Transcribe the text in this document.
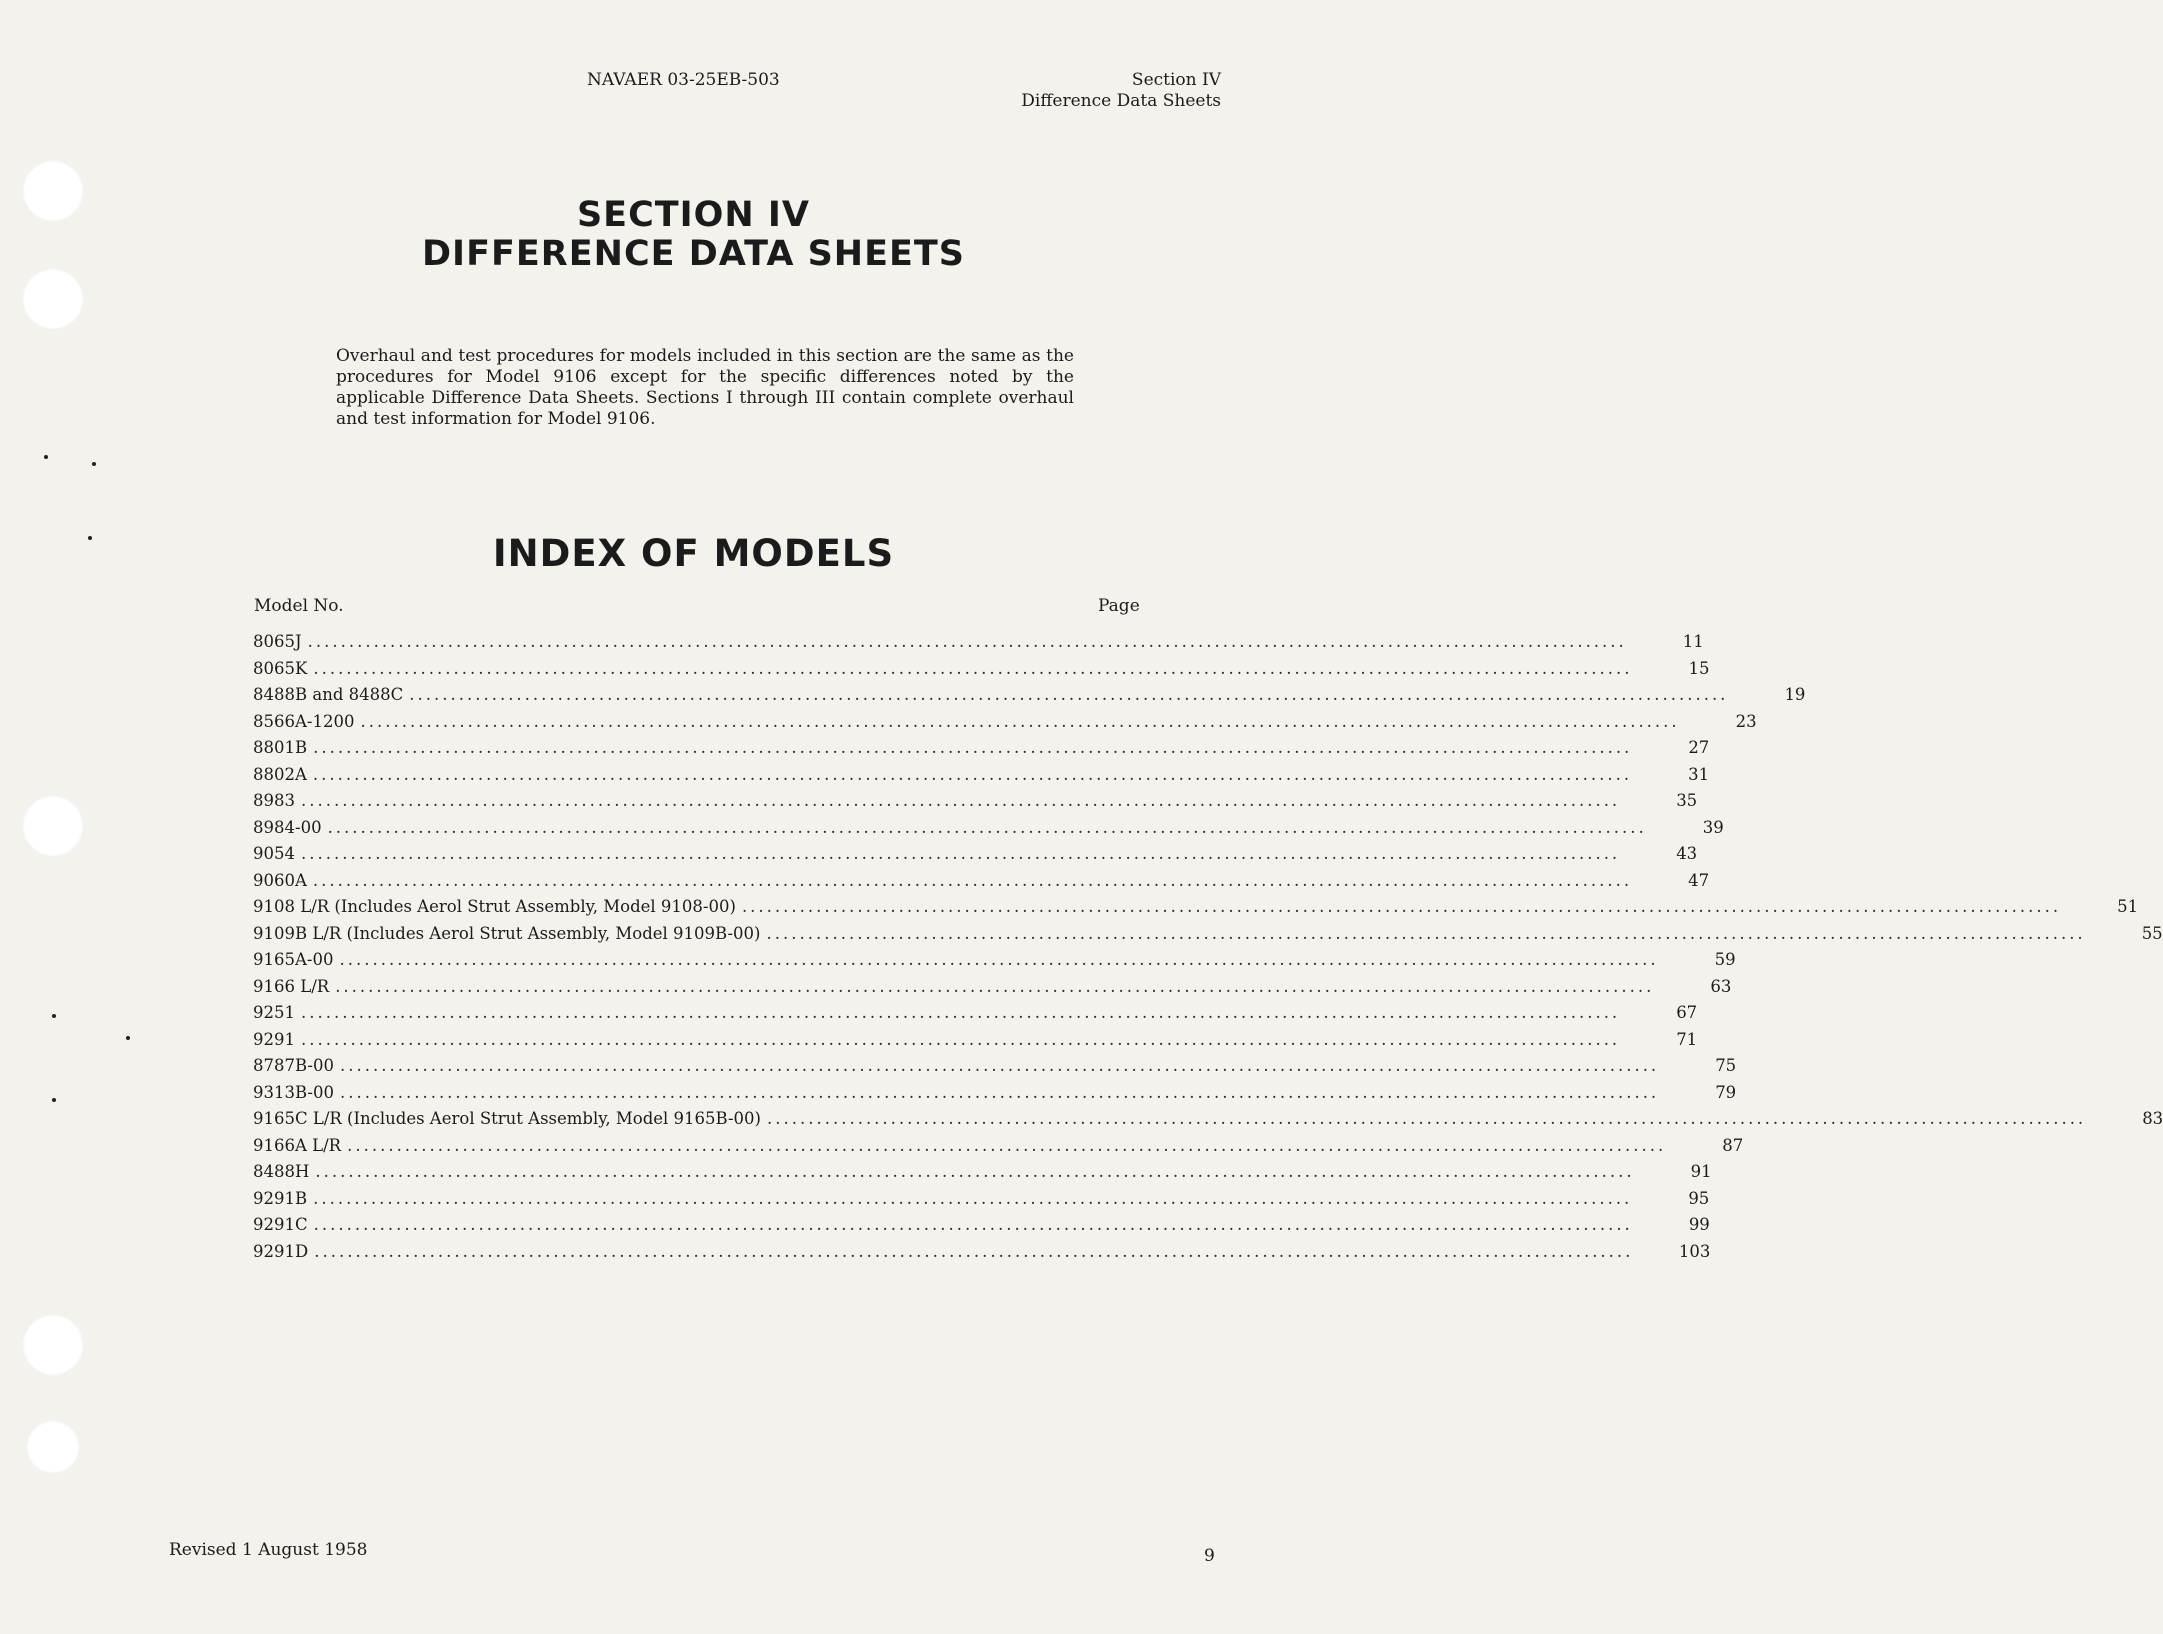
NAVAER 03-25EB-503	Section IV
Difference Data Sheets
SECTION IV
DIFFERENCE DATA SHEETS

Overhaul and test procedures for models included in this section are the same as the procedures for Model 9106 except for the specific differences noted by the applicable Difference Data Sheets. Sections I through III contain complete overhaul and test information for Model 9106.

INDEX OF MODELS
Model No.	Page
8065J ................................................................................................................................................................	11
8065K ................................................................................................................................................................	15
8488B and 8488C ................................................................................................................................................................	19
8566A-1200 ................................................................................................................................................................	23
8801B ................................................................................................................................................................	27
8802A ................................................................................................................................................................	31
8983 ................................................................................................................................................................	35
8984-00 ................................................................................................................................................................	39
9054 ................................................................................................................................................................	43
9060A ................................................................................................................................................................	47
9108 L/R (Includes Aerol Strut Assembly, Model 9108-00) ................................................................................................................................................................	51
9109B L/R (Includes Aerol Strut Assembly, Model 9109B-00) ................................................................................................................................................................	55
9165A-00 ................................................................................................................................................................	59
9166 L/R ................................................................................................................................................................	63
9251 ................................................................................................................................................................	67
9291 ................................................................................................................................................................	71
8787B-00 ................................................................................................................................................................	75
9313B-00 ................................................................................................................................................................	79
9165C L/R (Includes Aerol Strut Assembly, Model 9165B-00) ................................................................................................................................................................	83
9166A L/R ................................................................................................................................................................	87
8488H ................................................................................................................................................................	91
9291B ................................................................................................................................................................	95
9291C ................................................................................................................................................................	99
9291D ................................................................................................................................................................	103
Revised 1 August 1958	9
